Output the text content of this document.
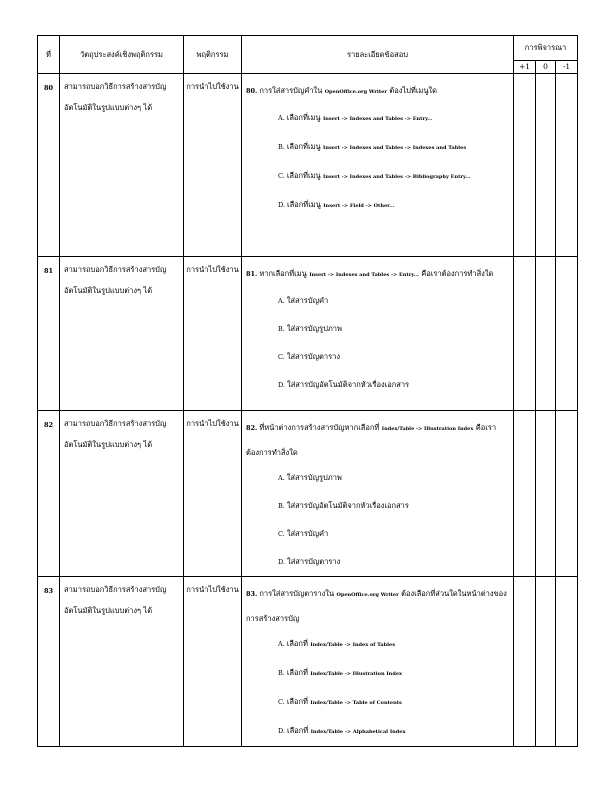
ที่	วัตถุประสงค์เชิงพฤติกรรม	พฤติกรรม	รายละเอียดข้อสอบ	การพิจารณา		
				+1	0	-1
80	สามารถบอกวิธีการสร้างสารบัญอัตโนมัติในรูปแบบต่างๆ ได้	การนำไปใช้งาน	80. การใส่สารบัญคำใน OpenOffice.org Writer ต้องไปที่เมนูใด

A. เลือกที่เมนู Insert -> Indexes and Tables -> Entry...

B. เลือกที่เมนู Insert -> Indexes and Tables -> Indexes and Tables

C. เลือกที่เมนู Insert -> Indexes and Tables -> Bibliography Entry...

D. เลือกที่เมนู Insert -> Field -> Other...			

81	สามารถบอกวิธีการสร้างสารบัญอัตโนมัติในรูปแบบต่างๆ ได้	การนำไปใช้งาน	81. หากเลือกที่เมนู Insert -> Indexes and Tables -> Entry... คือเราต้องการทำสิ่งใด

A. ใส่สารบัญคำ

B. ใส่สารบัญรูปภาพ

C. ใส่สารบัญตาราง

D. ใส่สารบัญอัตโนมัติจากหัวเรื่องเอกสาร			

82	สามารถบอกวิธีการสร้างสารบัญอัตโนมัติในรูปแบบต่างๆ ได้	การนำไปใช้งาน	82. ที่หน้าต่างการสร้างสารบัญหากเลือกที่ Index/Table -> Illustration Index คือเราต้องการทำสิ่งใด

A. ใส่สารบัญรูปภาพ

B. ใส่สารบัญอัตโนมัติจากหัวเรื่องเอกสาร

C. ใส่สารบัญคำ

D. ใส่สารบัญตาราง			

83	สามารถบอกวิธีการสร้างสารบัญอัตโนมัติในรูปแบบต่างๆ ได้	การนำไปใช้งาน	83. การใส่สารบัญตารางใน OpenOffice.org Writer ต้องเลือกที่ส่วนใดในหน้าต่างของการสร้างสารบัญ

A. เลือกที่ Index/Table -> Index of Tables

B. เลือกที่ Index/Table -> Illustration Index

C. เลือกที่ Index/Table -> Table of Contents

D. เลือกที่ Index/Table -> Alphabetical Index			
